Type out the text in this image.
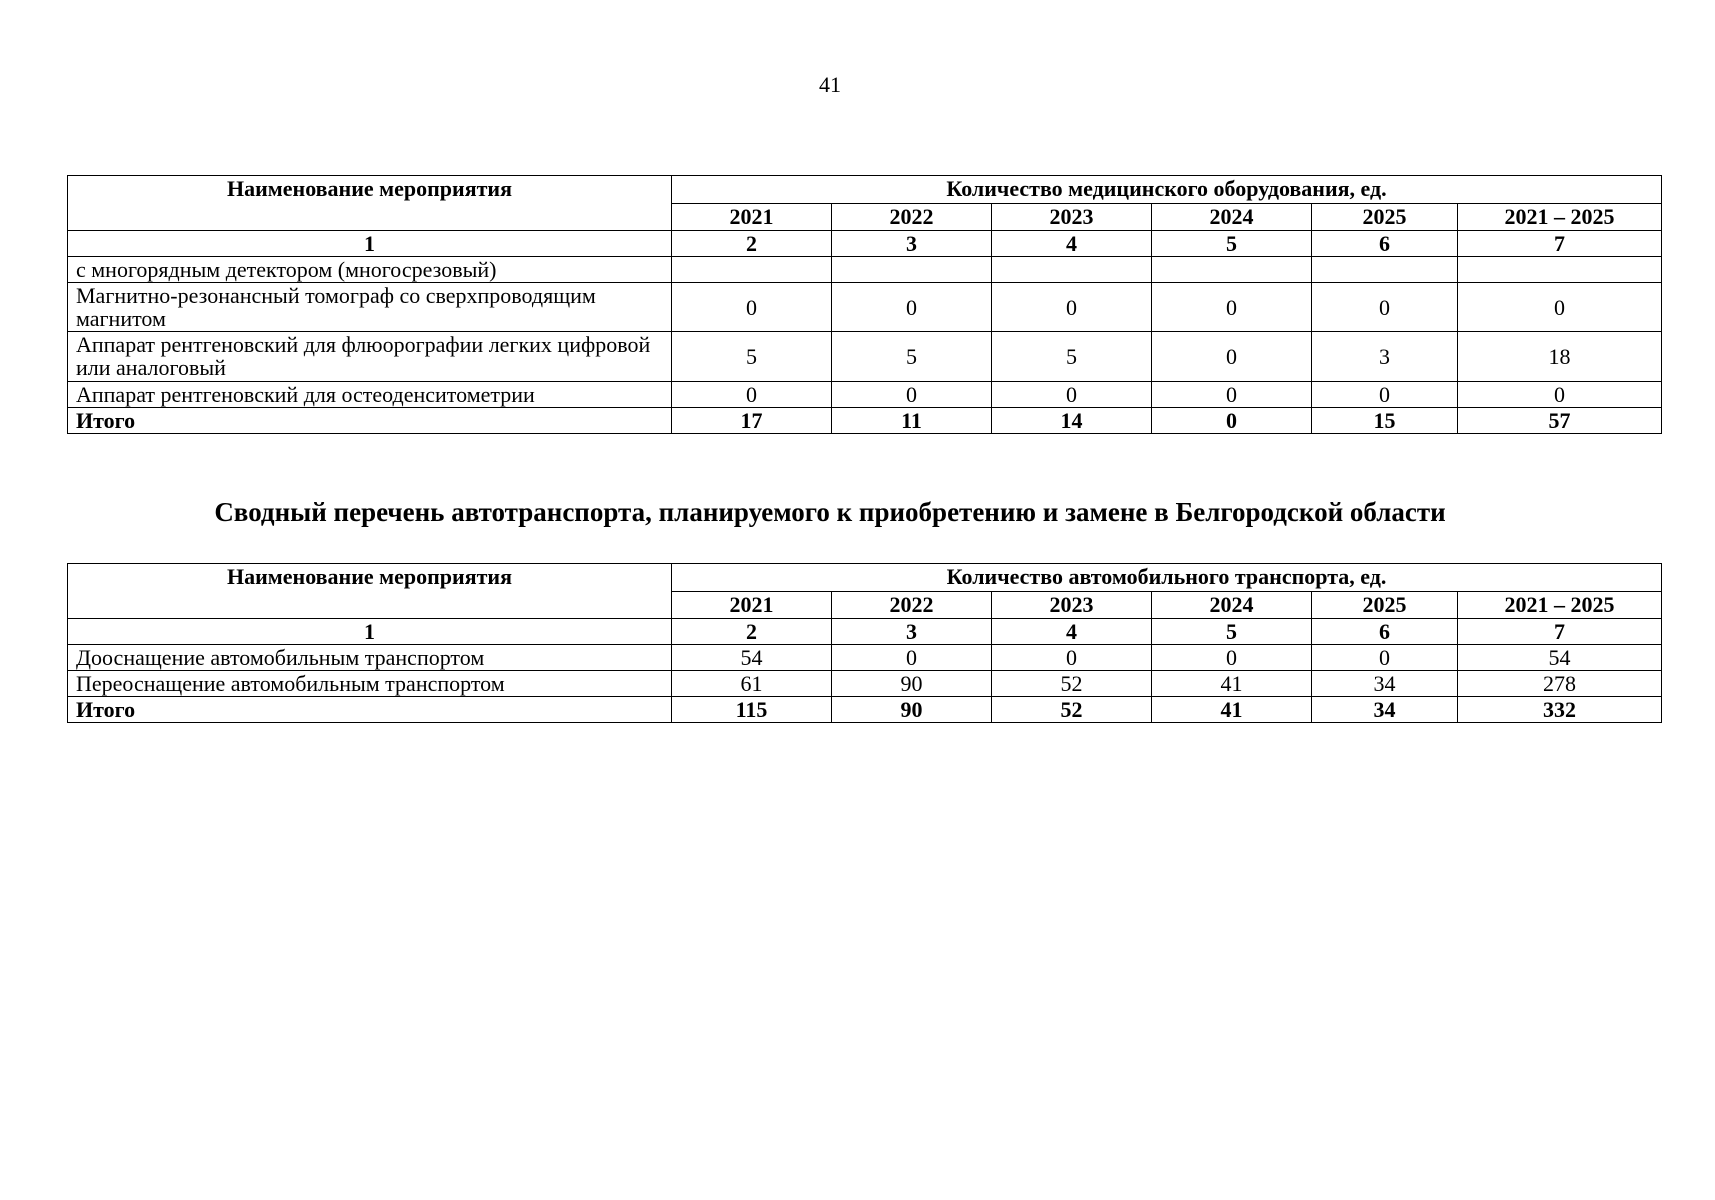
41
Наименование мероприятия	Количество медицинского оборудования, ед.					
	2021	2022	2023	2024	2025	2021 – 2025
1	2	3	4	5	6	7
с многорядным детектором (многосрезовый)						
Магнитно-резонансный томограф со сверхпроводящим магнитом	0	0	0	0	0	0
Аппарат рентгеновский для флюорографии легких цифровой или аналоговый	5	5	5	0	3	18
Аппарат рентгеновский для остеоденситометрии	0	0	0	0	0	0
Итого	17	11	14	0	15	57
Сводный перечень автотранспорта, планируемого к приобретению и замене в Белгородской области
Наименование мероприятия	Количество автомобильного транспорта, ед.					
	2021	2022	2023	2024	2025	2021 – 2025
1	2	3	4	5	6	7
Дооснащение автомобильным транспортом	54	0	0	0	0	54
Переоснащение автомобильным транспортом	61	90	52	41	34	278
Итого	115	90	52	41	34	332
